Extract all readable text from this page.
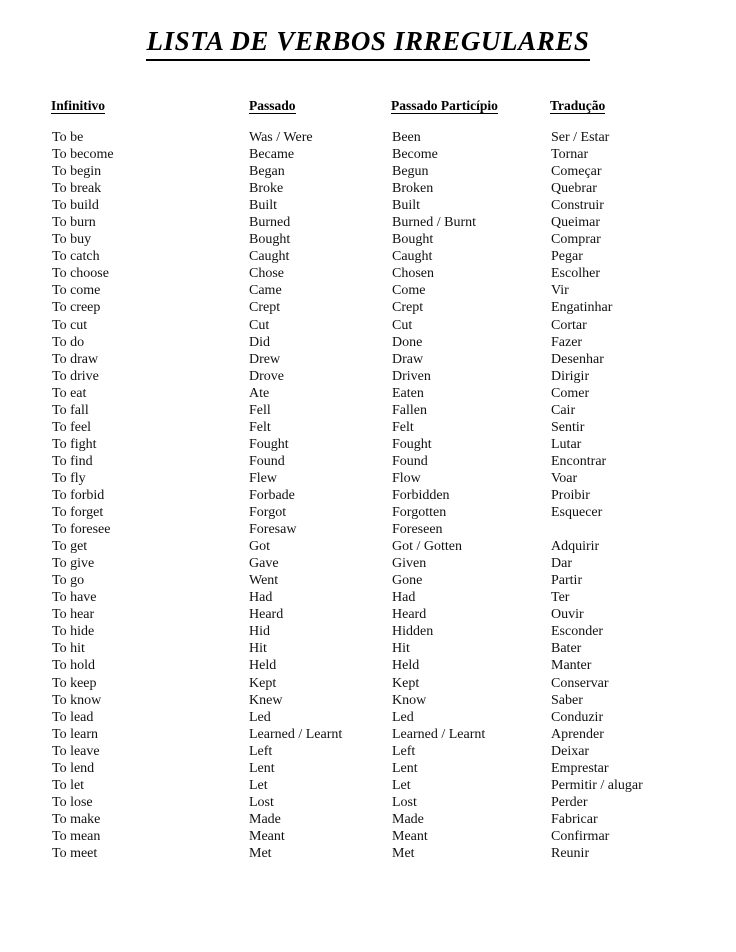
LISTA DE VERBOS IRREGULARES
Infinitivo	Passado	Passado Particípio	Tradução
To be	Was / Were	Been	Ser / Estar
To become	Became	Become	Tornar
To begin	Began	Begun	Começar
To break	Broke	Broken	Quebrar
To build	Built	Built	Construir
To burn	Burned	Burned / Burnt	Queimar
To buy	Bought	Bought	Comprar
To catch	Caught	Caught	Pegar
To choose	Chose	Chosen	Escolher
To come	Came	Come	Vir
To creep	Crept	Crept	Engatinhar
To cut	Cut	Cut	Cortar
To do	Did	Done	Fazer
To draw	Drew	Draw	Desenhar
To drive	Drove	Driven	Dirigir
To eat	Ate	Eaten	Comer
To fall	Fell	Fallen	Cair
To feel	Felt	Felt	Sentir
To fight	Fought	Fought	Lutar
To find	Found	Found	Encontrar
To fly	Flew	Flow	Voar
To forbid	Forbade	Forbidden	Proibir
To forget	Forgot	Forgotten	Esquecer
To foresee	Foresaw	Foreseen
To get	Got	Got / Gotten	Adquirir
To give	Gave	Given	Dar
To go	Went	Gone	Partir
To have	Had	Had	Ter
To hear	Heard	Heard	Ouvir
To hide	Hid	Hidden	Esconder
To hit	Hit	Hit	Bater
To hold	Held	Held	Manter
To keep	Kept	Kept	Conservar
To know	Knew	Know	Saber
To lead	Led	Led	Conduzir
To learn	Learned / Learnt	Learned / Learnt	Aprender
To leave	Left	Left	Deixar
To lend	Lent	Lent	Emprestar
To let	Let	Let	Permitir / alugar
To lose	Lost	Lost	Perder
To make	Made	Made	Fabricar
To mean	Meant	Meant	Confirmar
To meet	Met	Met	Reunir
